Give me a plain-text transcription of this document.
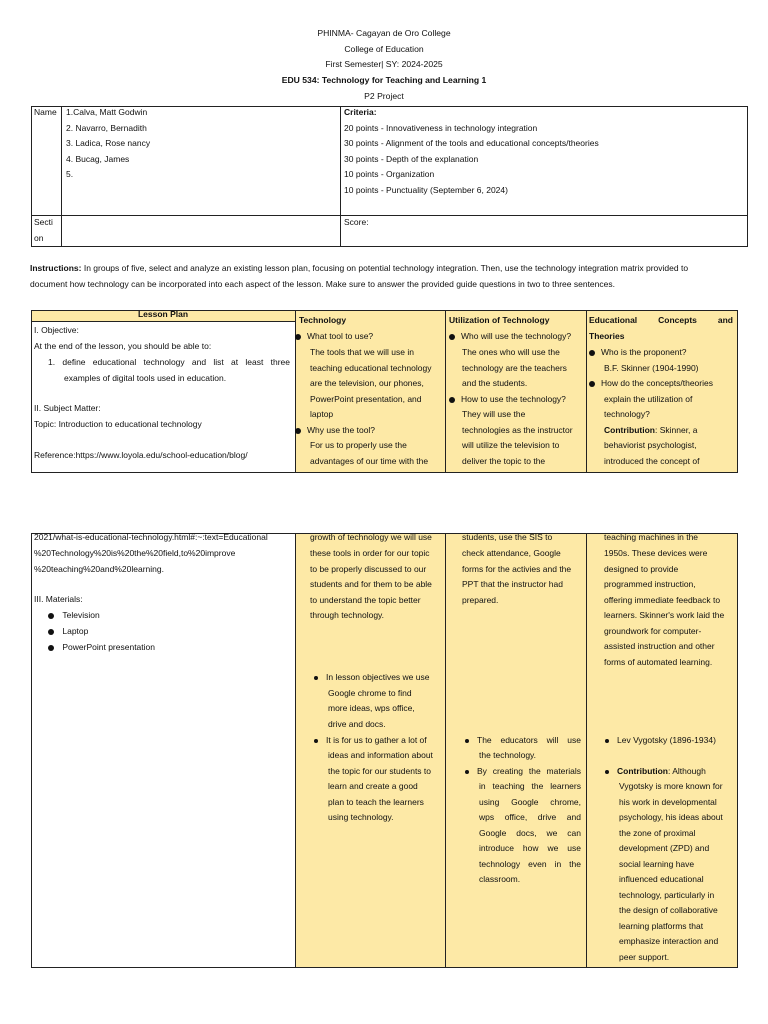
PHINMA- Cagayan de Oro College
College of Education
First Semester| SY: 2024-2025
EDU 534: Technology for Teaching and Learning 1
P2 Project
Name
Secti
on
1.Calva, Matt Godwin
2. Navarro, Bernadith
3. Ladica, Rose nancy
4. Bucag, James
5.
Criteria:
20 points - Innovativeness in technology integration
30 points - Alignment of the tools and educational concepts/theories
30 points - Depth of the explanation
10 points - Organization
10 points - Punctuality (September 6, 2024)
Score:
Instructions: In groups of five, select and analyze an existing lesson plan, focusing on potential technology integration. Then, use the technology integration matrix provided to
document how technology can be incorporated into each aspect of the lesson. Make sure to answer the provided guide questions in two to three sentences.
Lesson Plan
Technology	Utilization of Technology	Educational Concepts and
Theories
I. Objective:
At the end of the lesson, you should be able to:
1. define educational technology and list at least three
examples of digital tools used in education.
II. Subject Matter:
Topic: Introduction to educational technology
Reference:https://www.loyola.edu/school-education/blog/
What tool to use?
The tools that we will use in
teaching educational technology
are the television, our phones,
PowerPoint presentation, and
laptop
Why use the tool?
For us to properly use the
advantages of our time with the
Who will use the technology?
The ones who will use the
technology are the teachers
and the students.
How to use the technology?
They will use the
technologies as the instructor
will utilize the television to
deliver the topic to the
Who is the proponent?
B.F. Skinner (1904-1990)
How do the concepts/theories
explain the utilization of
technology?
Contribution: Skinner, a
behaviorist psychologist,
introduced the concept of
2021/what-is-educational-technology.html#:~:text=Educational
%20Technology%20is%20the%20field,to%20improve
%20teaching%20and%20learning.
III. Materials:
Television
Laptop
PowerPoint presentation
growth of technology we will use
these tools in order for our topic
to be properly discussed to our
students and for them to be able
to understand the topic better
through technology.
In lesson objectives we use
Google chrome to find
more ideas, wps office,
drive and docs.
It is for us to gather a lot of
ideas and information about
the topic for our students to
learn and create a good
plan to teach the learners
using technology.
students, use the SIS to
check attendance, Google
forms for the activies and the
PPT that the instructor had
prepared.
The educators will use
the technology.
By creating the materials
in teaching the learners
using Google chrome,
wps office, drive and
Google docs, we can
introduce how we use
technology even in the
classroom.
teaching machines in the
1950s. These devices were
designed to provide
programmed instruction,
offering immediate feedback to
learners. Skinner's work laid the
groundwork for computer-
assisted instruction and other
forms of automated learning.
Lev Vygotsky (1896-1934)
Contribution: Although
Vygotsky is more known for
his work in developmental
psychology, his ideas about
the zone of proximal
development (ZPD) and
social learning have
influenced educational
technology, particularly in
the design of collaborative
learning platforms that
emphasize interaction and
peer support.
